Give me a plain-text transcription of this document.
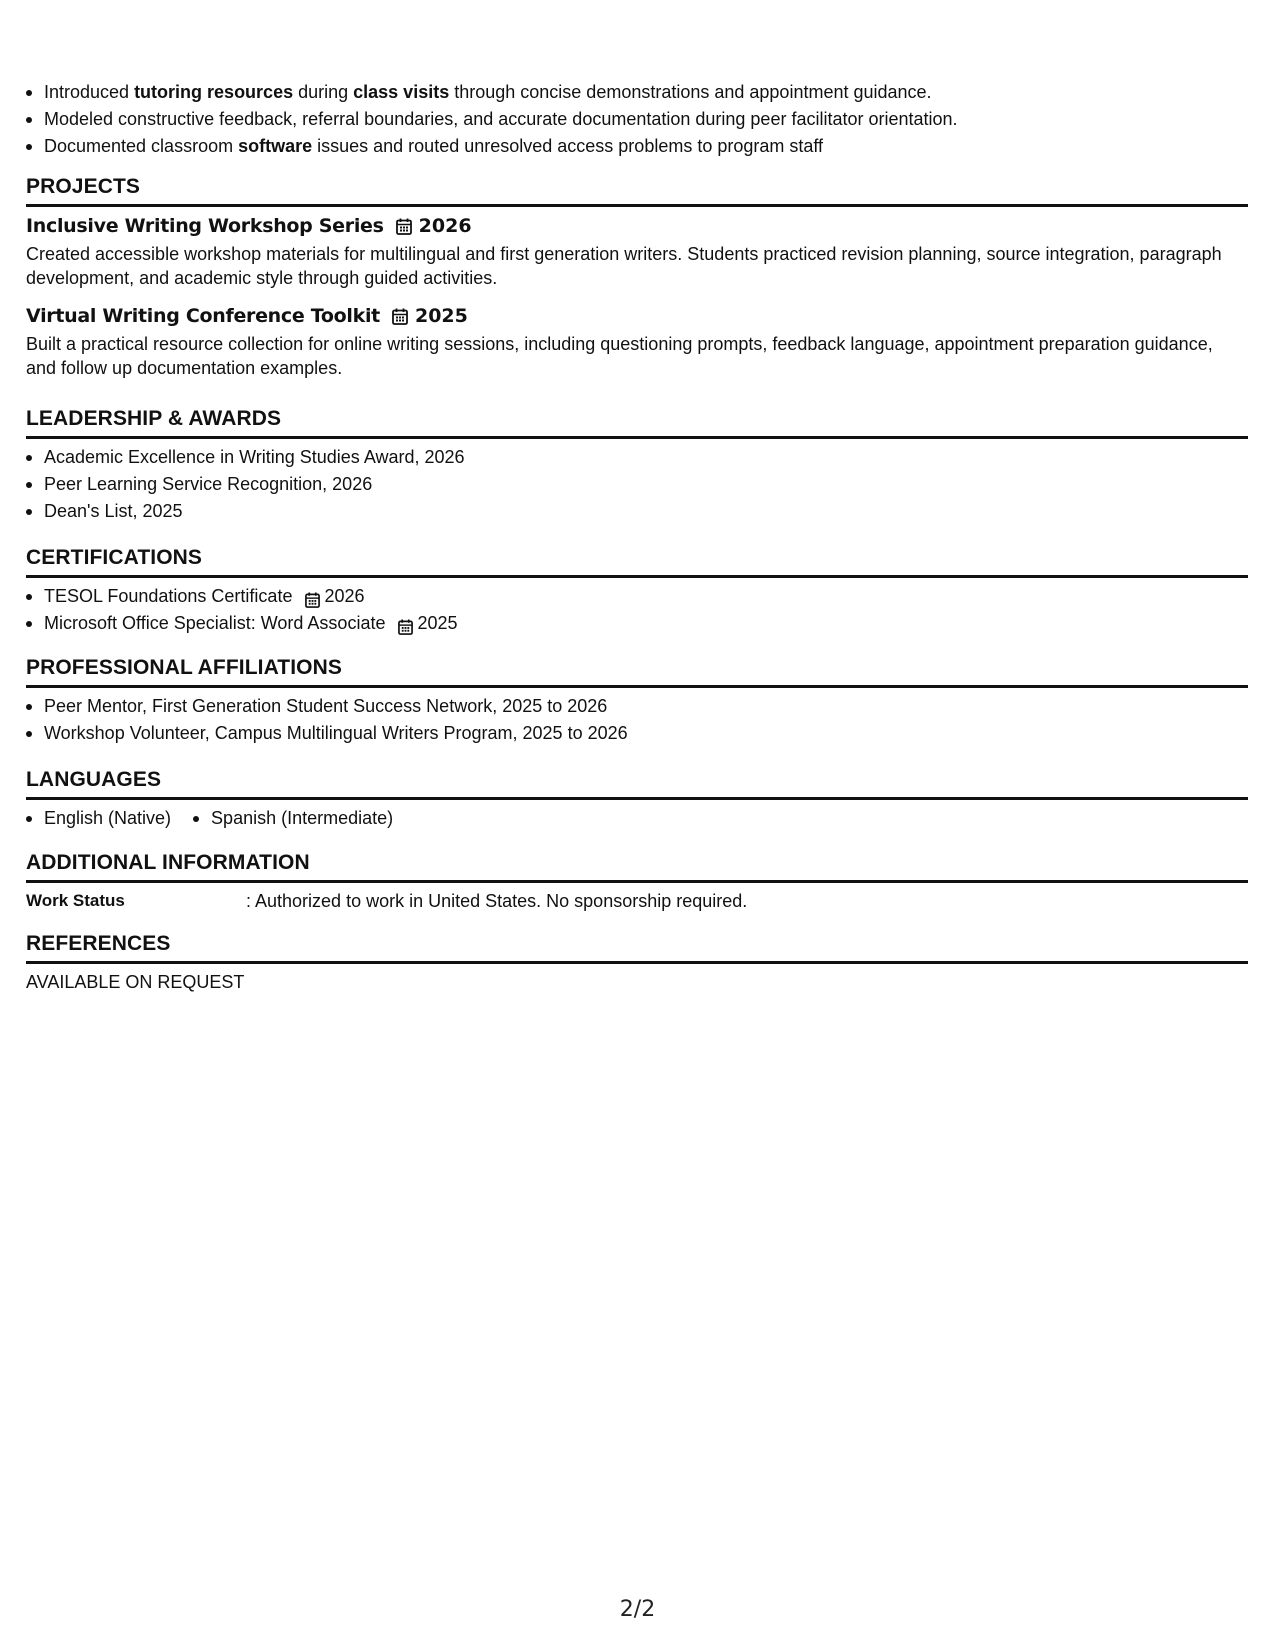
Introduced tutoring resources during class visits through concise demonstrations and appointment guidance.
Modeled constructive feedback, referral boundaries, and accurate documentation during peer facilitator orientation.
Documented classroom software issues and routed unresolved access problems to program staff
PROJECTS
Inclusive Writing Workshop Series 2026

Created accessible workshop materials for multilingual and first generation writers. Students practiced revision planning, source integration, paragraph development, and academic style through guided activities.

Virtual Writing Conference Toolkit 2025

Built a practical resource collection for online writing sessions, including questioning prompts, feedback language, appointment preparation guidance, and follow up documentation examples.

LEADERSHIP & AWARDS
Academic Excellence in Writing Studies Award, 2026
Peer Learning Service Recognition, 2026
Dean's List, 2025
CERTIFICATIONS
TESOL Foundations Certificate 2026
Microsoft Office Specialist: Word Associate 2025
PROFESSIONAL AFFILIATIONS
Peer Mentor, First Generation Student Success Network, 2025 to 2026
Workshop Volunteer, Campus Multilingual Writers Program, 2025 to 2026
LANGUAGES
English (Native)	Spanish (Intermediate)
ADDITIONAL INFORMATION
Work Status	: Authorized to work in United States. No sponsorship required.
REFERENCES
AVAILABLE ON REQUEST
2/2
